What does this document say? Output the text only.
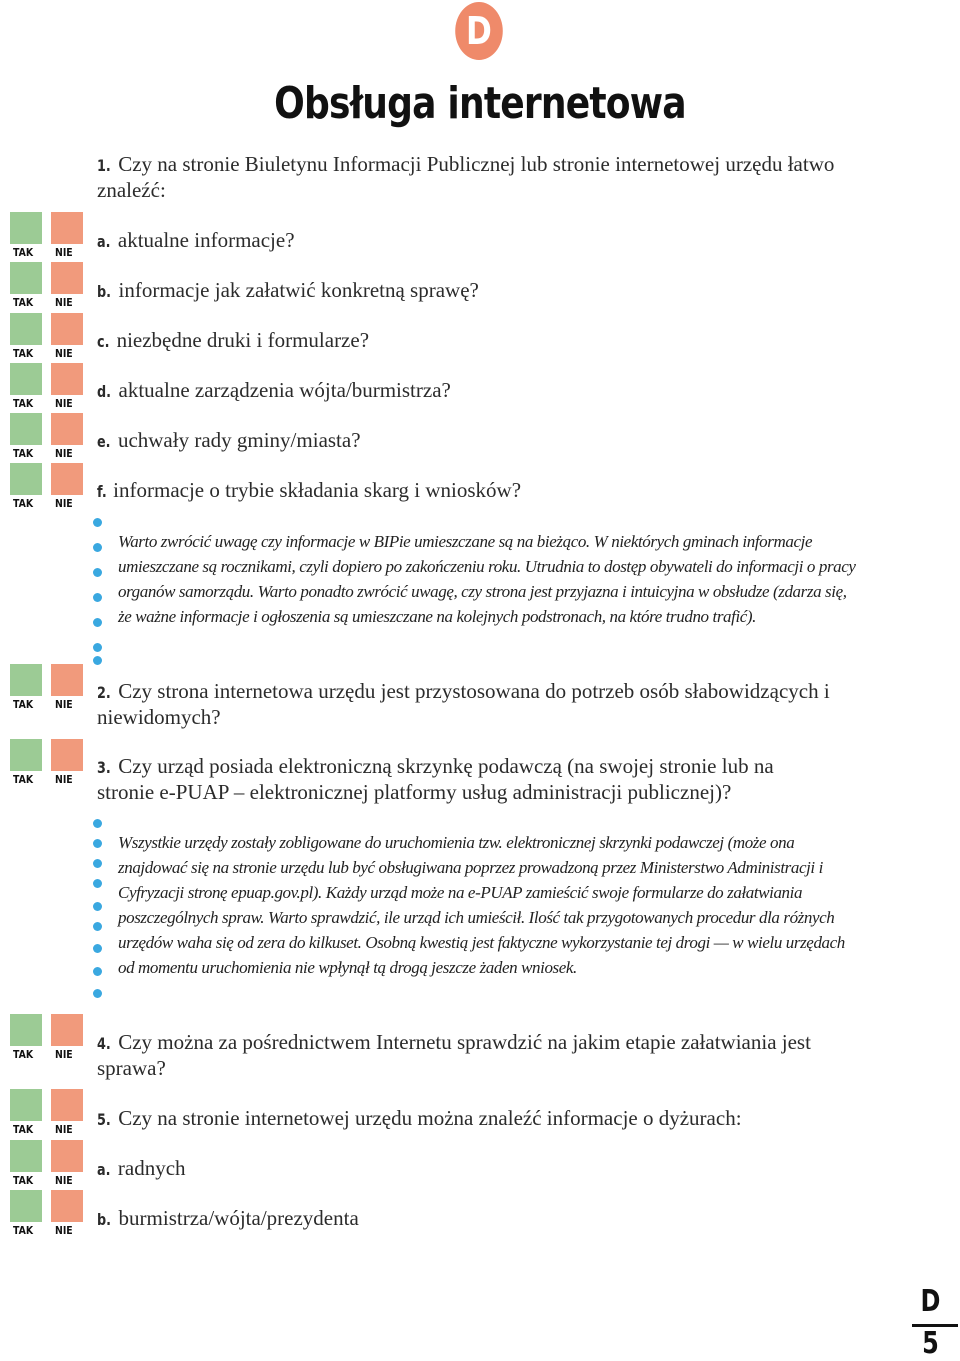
D
Obsługa internetowa
1. Czy na stronie Biuletynu Informacji Publicznej lub stronie internetowej urzędu łatwo znaleźć:
a. aktualne informacje?
b. informacje jak załatwić konkretną sprawę?
c. niezbędne druki i formularze?
d. aktualne zarządzenia wójta/burmistrza?
e. uchwały rady gminy/miasta?
f. informacje o trybie składania skarg i wniosków?
Warto zwrócić uwagę czy informacje w BIPie umieszczane są na bieżąco. W niektórych gminach informacje umieszczane są rocznikami, czyli dopiero po zakończeniu roku. Utrudnia to dostęp obywateli do informacji o pracy organów samorządu. Warto ponadto zwrócić uwagę, czy strona jest przyjazna i intuicyjna w obsłudze (zdarza się, że ważne informacje i ogłoszenia są umieszczane na kolejnych podstronach, na które trudno trafić).
2. Czy strona internetowa urzędu jest przystosowana do potrzeb osób słabowidzących i niewidomych?
3. Czy urząd posiada elektroniczną skrzynkę podawczą (na swojej stronie lub na stronie e-PUAP – elektronicznej platformy usług administracji publicznej)?
Wszystkie urzędy zostały zobligowane do uruchomienia tzw. elektronicznej skrzynki podawczej (może ona znajdować się na stronie urzędu lub być obsługiwana poprzez prowadzoną przez Ministerstwo Administracji i Cyfryzacji stronę epuap.gov.pl). Każdy urząd może na e-PUAP zamieścić swoje formularze do załatwiania poszczególnych spraw. Warto sprawdzić, ile urząd ich umieścił. Ilość tak przygotowanych procedur dla różnych urzędów waha się od zera do kilkuset. Osobną kwestią jest faktyczne wykorzystanie tej drogi — w wielu urzędach od momentu uruchomienia nie wpłynął tą drogą jeszcze żaden wniosek.
4. Czy można za pośrednictwem Internetu sprawdzić na jakim etapie załatwiania jest sprawa?
5. Czy na stronie internetowej urzędu można znaleźć informacje o dyżurach:
a. radnych
b. burmistrza/wójta/prezydenta
TAK NIE
TAK NIE
TAK NIE
TAK NIE
TAK NIE
TAK NIE
TAK NIE
TAK NIE
TAK NIE
TAK NIE
TAK NIE
TAK NIE
D
5
